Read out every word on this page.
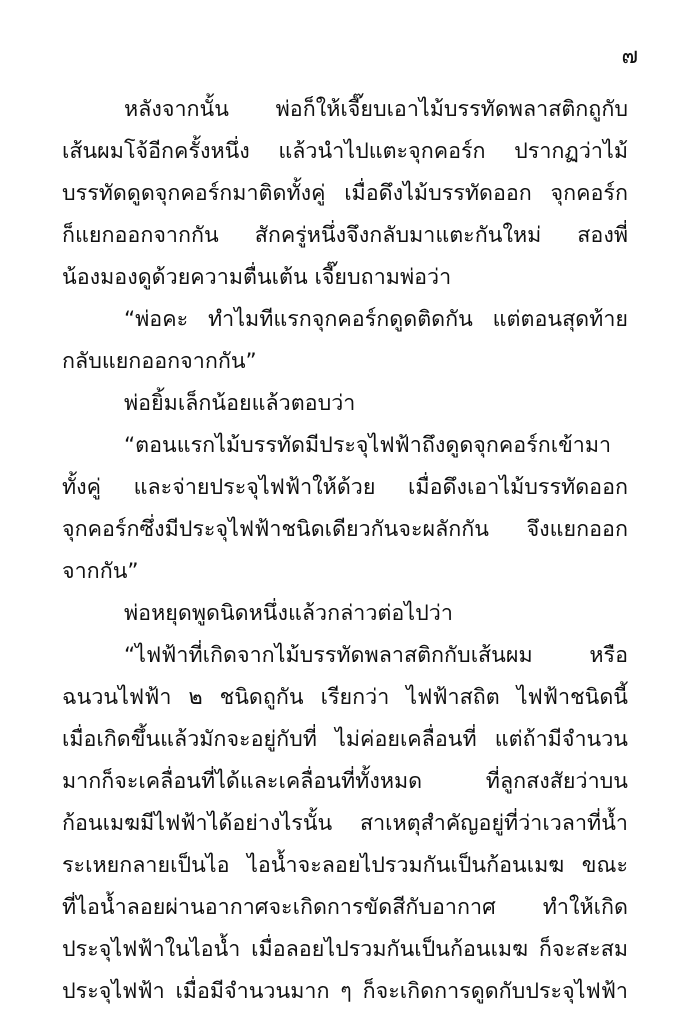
๗
หลังจากนั้น พ่อก็ให้เจี๊ยบเอาไม้บรรทัดพลาสติกถูกับ
เส้นผมโจ้อีกครั้งหนึ่ง แล้วนำไปแตะจุกคอร์ก ปรากฏว่าไม้
บรรทัดดูดจุกคอร์กมาติดทั้งคู่ เมื่อดึงไม้บรรทัดออก จุกคอร์ก
ก็แยกออกจากกัน สักครู่หนึ่งจึงกลับมาแตะกันใหม่ สองพี่
น้องมองดูด้วยความตื่นเต้น เจี๊ยบถามพ่อว่า
“พ่อคะ ทำไมทีแรกจุกคอร์กดูดติดกัน แต่ตอนสุดท้าย
กลับแยกออกจากกัน”
พ่อยิ้มเล็กน้อยแล้วตอบว่า
“ตอนแรกไม้บรรทัดมีประจุไฟฟ้าถึงดูดจุกคอร์กเข้ามา
ทั้งคู่ และจ่ายประจุไฟฟ้าให้ด้วย เมื่อดึงเอาไม้บรรทัดออก
จุกคอร์กซึ่งมีประจุไฟฟ้าชนิดเดียวกันจะผลักกัน จึงแยกออก
จากกัน”
พ่อหยุดพูดนิดหนึ่งแล้วกล่าวต่อไปว่า
“ไฟฟ้าที่เกิดจากไม้บรรทัดพลาสติกกับเส้นผม หรือ
ฉนวนไฟฟ้า ๒ ชนิดถูกัน เรียกว่า ไฟฟ้าสถิต ไฟฟ้าชนิดนี้
เมื่อเกิดขึ้นแล้วมักจะอยู่กับที่ ไม่ค่อยเคลื่อนที่ แต่ถ้ามีจำนวน
มากก็จะเคลื่อนที่ได้และเคลื่อนที่ทั้งหมด ที่ลูกสงสัยว่าบน
ก้อนเมฆมีไฟฟ้าได้อย่างไรนั้น สาเหตุสำคัญอยู่ที่ว่าเวลาที่น้ำ
ระเหยกลายเป็นไอ ไอน้ำจะลอยไปรวมกันเป็นก้อนเมฆ ขณะ
ที่ไอน้ำลอยผ่านอากาศจะเกิดการขัดสีกับอากาศ ทำให้เกิด
ประจุไฟฟ้าในไอน้ำ เมื่อลอยไปรวมกันเป็นก้อนเมฆ ก็จะสะสม
ประจุไฟฟ้า เมื่อมีจำนวนมาก ๆ ก็จะเกิดการดูดกับประจุไฟฟ้า
